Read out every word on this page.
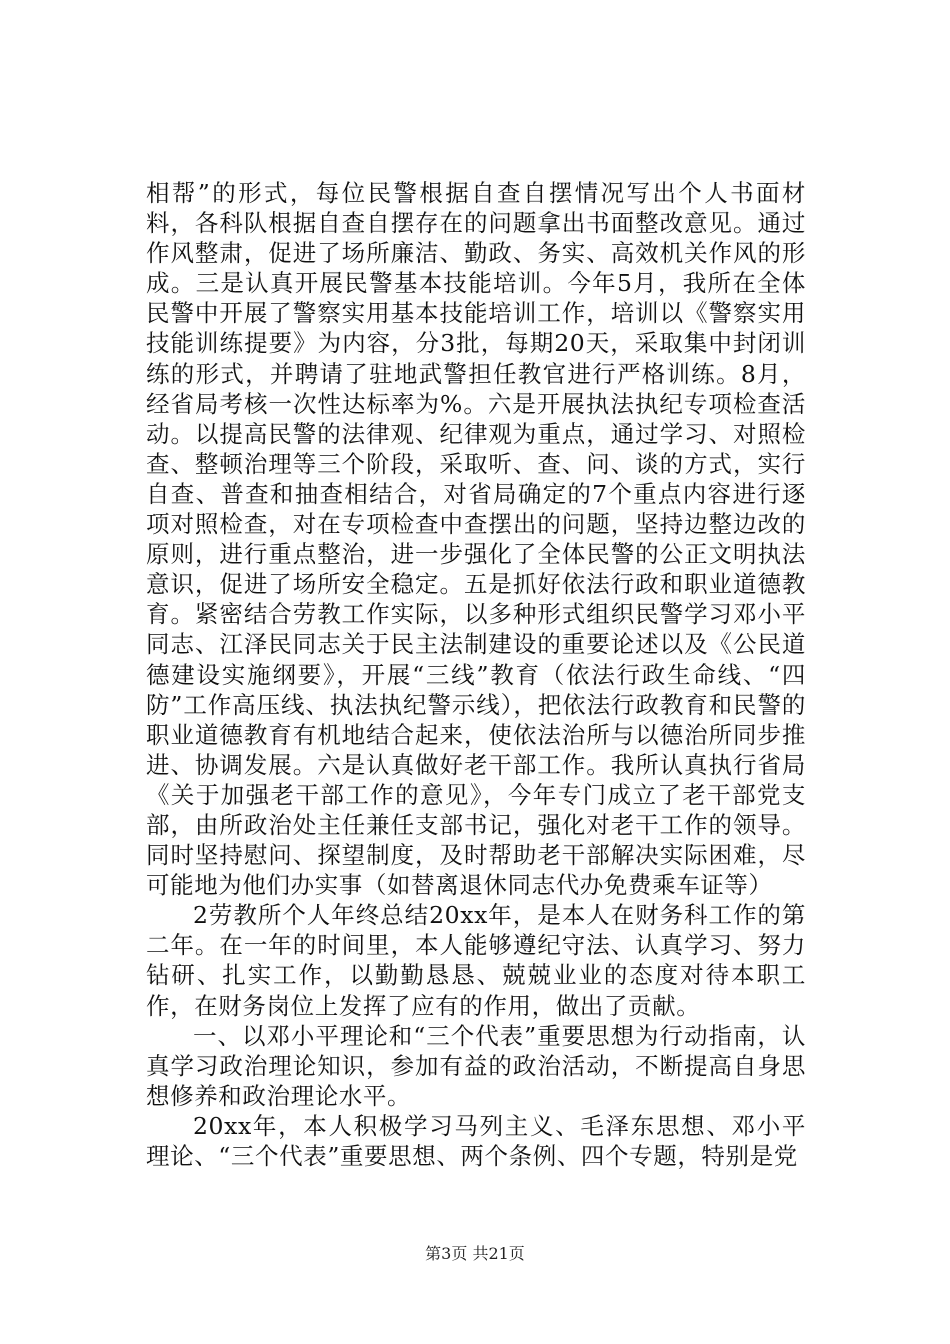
相帮”的形式，每位民警根据自查自摆情况写出个人书面材料，各科队根据自查自摆存在的问题拿出书面整改意见。通过作风整肃，促进了场所廉洁、勤政、务实、高效机关作风的形成。三是认真开展民警基本技能培训。今年5月，我所在全体民警中开展了警察实用基本技能培训工作，培训以《警察实用技能训练提要》为内容，分3批，每期20天，采取集中封闭训练的形式，并聘请了驻地武警担任教官进行严格训练。8月，经省局考核一次性达标率为%。六是开展执法执纪专项检查活动。以提高民警的法律观、纪律观为重点，通过学习、对照检查、整顿治理等三个阶段，采取听、查、问、谈的方式，实行自查、普查和抽查相结合，对省局确定的7个重点内容进行逐项对照检查，对在专项检查中查摆出的问题，坚持边整边改的原则，进行重点整治，进一步强化了全体民警的公正文明执法意识，促进了场所安全稳定。五是抓好依法行政和职业道德教育。紧密结合劳教工作实际，以多种形式组织民警学习邓小平同志、江泽民同志关于民主法制建设的重要论述以及《公民道德建设实施纲要》，开展“三线”教育（依法行政生命线、“四防”工作高压线、执法执纪警示线），把依法行政教育和民警的职业道德教育有机地结合起来，使依法治所与以德治所同步推进、协调发展。六是认真做好老干部工作。我所认真执行省局《关于加强老干部工作的意见》，今年专门成立了老干部党支部，由所政治处主任兼任支部书记，强化对老干工作的领导。同时坚持慰问、探望制度，及时帮助老干部解决实际困难，尽可能地为他们办实事（如替离退休同志代办免费乘车证等）

2劳教所个人年终总结20xx年，是本人在财务科工作的第二年。在一年的时间里，本人能够遵纪守法、认真学习、努力钻研、扎实工作，以勤勤恳恳、兢兢业业的态度对待本职工作，在财务岗位上发挥了应有的作用，做出了贡献。

一、以邓小平理论和“三个代表”重要思想为行动指南，认真学习政治理论知识，参加有益的政治活动，不断提高自身思想修养和政治理论水平。

20xx年，本人积极学习马列主义、毛泽东思想、邓小平理论、“三个代表”重要思想、两个条例、四个专题，特别是党

第3页 共21页
